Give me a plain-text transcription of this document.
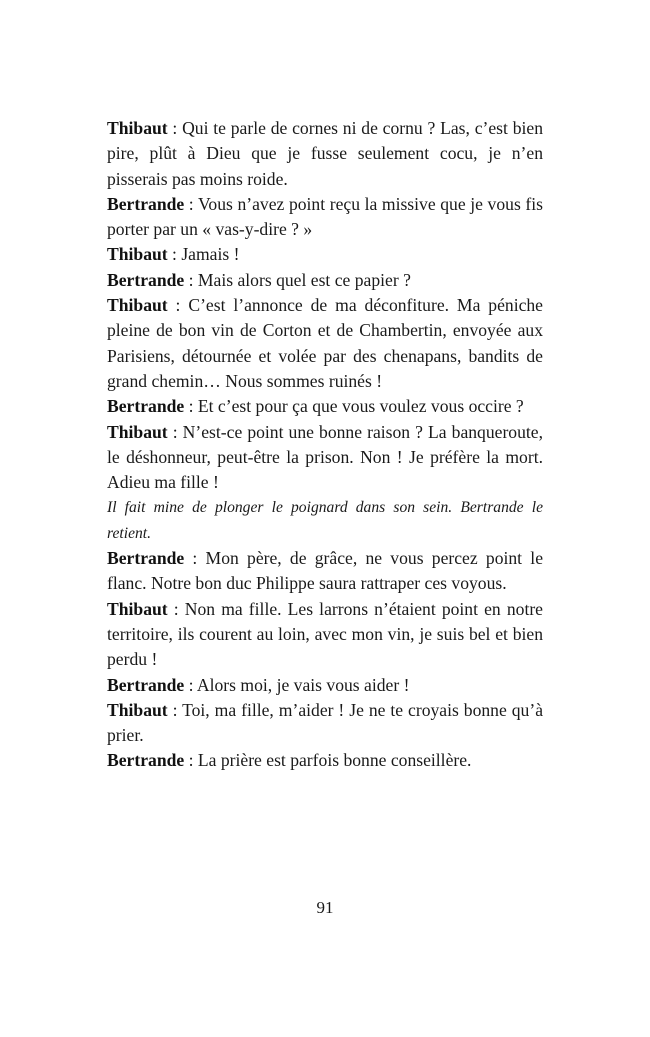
Thibaut : Qui te parle de cornes ni de cornu ? Las, c’est bien pire, plût à Dieu que je fusse seulement cocu, je n’en pisserais pas moins roide.

Bertrande : Vous n’avez point reçu la missive que je vous fis porter par un « vas-y-dire ? »

Thibaut : Jamais !

Bertrande : Mais alors quel est ce papier ?

Thibaut : C’est l’annonce de ma déconfiture. Ma péniche pleine de bon vin de Corton et de Chambertin, envoyée aux Parisiens, détournée et volée par des chenapans, bandits de grand chemin… Nous sommes ruinés !

Bertrande : Et c’est pour ça que vous voulez vous occire ?

Thibaut : N’est-ce point une bonne raison ? La banqueroute, le déshonneur, peut-être la prison. Non ! Je préfère la mort. Adieu ma fille !

Il fait mine de plonger le poignard dans son sein. Bertrande le retient.

Bertrande : Mon père, de grâce, ne vous percez point le flanc. Notre bon duc Philippe saura rattraper ces voyous.

Thibaut : Non ma fille. Les larrons n’étaient point en notre territoire, ils courent au loin, avec mon vin, je suis bel et bien perdu !

Bertrande : Alors moi, je vais vous aider !

Thibaut : Toi, ma fille, m’aider ! Je ne te croyais bonne qu’à prier.

Bertrande : La prière est parfois bonne conseillère.

91
